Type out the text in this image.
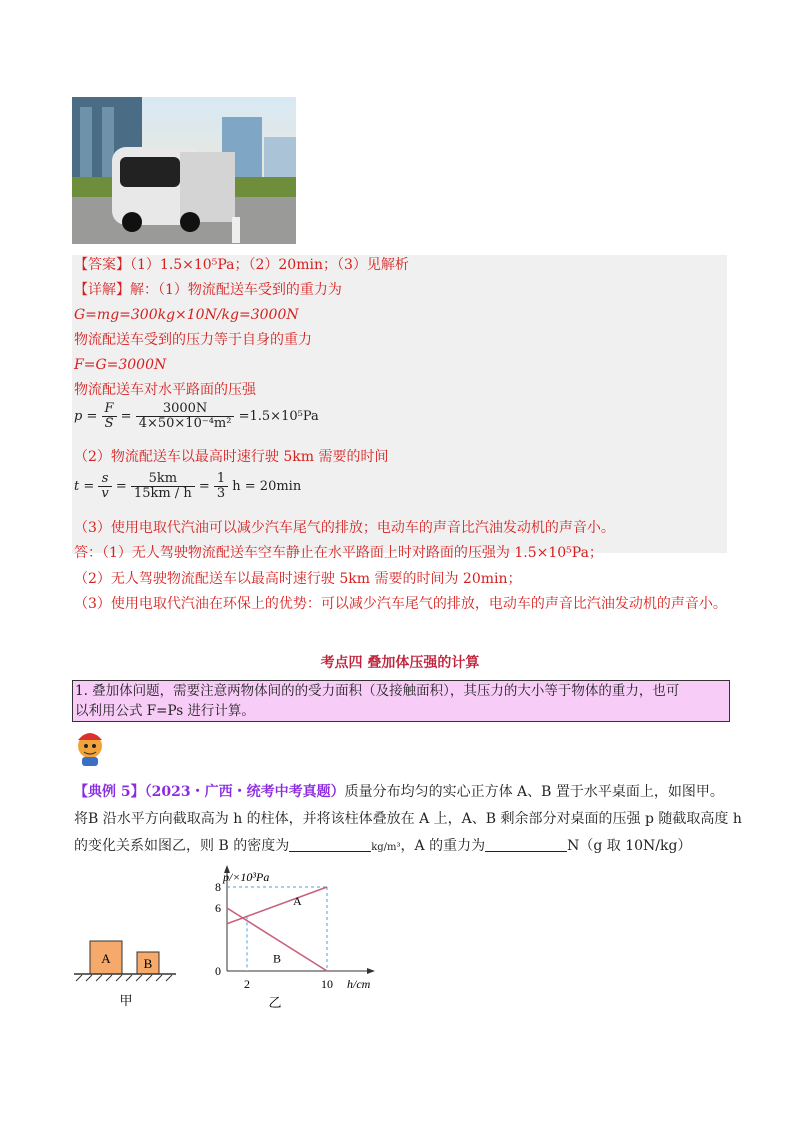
【答案】（1）1.5×10⁵Pa；（2）20min；（3）见解析
【详解】解：（1）物流配送车受到的重力为
G=mg=300kg×10N/kg=3000N
物流配送车受到的压力等于自身的重力
F=G=3000N
物流配送车对水平路面的压强
$p = \frac{F}{S} = \frac{3000N}{\text{4×50×10⁻⁴m²}} =1.5\times 10^5Pa$
（2）物流配送车以最高时速行驶 5km 需要的时间
$t = \frac{s}{v} = \frac{5km}{15km / h} = \frac{1}{3}$ h = 20min
（3）使用电取代汽油可以减少汽车尾气的排放；电动车的声音比汽油发动机的声音小。
答：（1）无人驾驶物流配送车空车静止在水平路面上时对路面的压强为 1.5×10⁵Pa；
（2）无人驾驶物流配送车以最高时速行驶 5km 需要的时间为 20min；
（3）使用电取代汽油在环保上的优势：可以减少汽车尾气的排放，电动车的声音比汽油发动机的声音小。
考点四 叠加体压强的计算
1. 叠加体问题，需要注意两物体间的的受力面积（及接触面积），其压力的大小等于物体的重力，也可
以利用公式 F=Ps 进行计算。
【典例 5】（2023・广西・统考中考真题）质量分布均匀的实心正方体 A、B 置于水平桌面上，如图甲。
将B 沿水平方向截取高为 h 的柱体，并将该柱体叠放在 A 上，A、B 剩余部分对桌面的压强 p 随截取高度 h
的变化关系如图乙，则 B 的密度为	kg/m³，A 的重力为	N（g 取 10N/kg）
A	B
甲
p/×10³Pa
h/cm
0
6
8
2	10
A
B
乙
